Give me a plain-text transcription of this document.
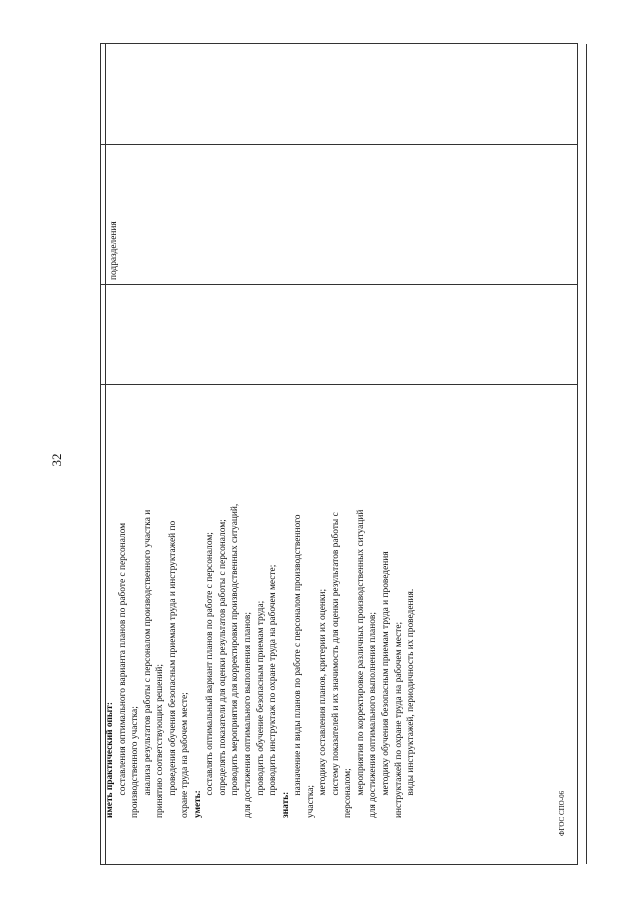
32

иметь практический опыт: составления оптимального варианта планов по работе с персоналом производственного участка; анализа результатов работы с персоналом производственного участка и принятию соответствующих решений; проведения обучения безопасным приемам труда и инструктажей по охране труда на рабочем месте; уметь:

составлять оптимальный вариант планов по работе с персоналом; определять показатели для оценки результатов работы с персоналом; проводить мероприятия для корректировки производственных ситуаций, для достижения оптимального выполнения планов; проводить обучение безопасным приемам труда; проводить инструктаж по охране труда на рабочем месте;

знать:

назначение и виды планов по работе с персоналом производственного участка;

методику составления планов, критерии их оценки; систему показателей и их значимость для оценки результатов работы с персоналом; мероприятия по корректировке различных производственных ситуаций для достижения оптимального выполнения планов; методику обучения безопасным приемам труда и проведения инструктажей по охране труда на рабочем месте; виды инструктажей, периодичность их проведения.

подразделения
ФГОС СПО-06
